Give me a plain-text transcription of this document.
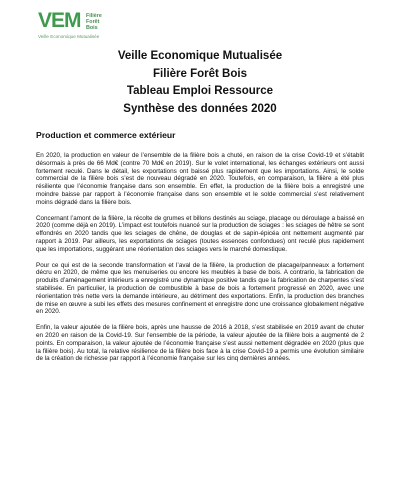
VEM Filière
Forêt
Bois
Veille Economique Mutualisée
Veille Economique Mutualisée
Filière Forêt Bois
Tableau Emploi Ressource
Synthèse des données 2020
Production et commerce extérieur

En 2020, la production en valeur de l’ensemble de la filière bois a chuté, en raison de la crise Covid-19 et s’établit désormais à près de 66 Md€ (contre 70 Md€ en 2019). Sur le volet international, les échanges extérieurs ont aussi fortement reculé. Dans le détail, les exportations ont baissé plus rapidement que les importations. Ainsi, le solde commercial de la filière bois s’est de nouveau dégradé en 2020. Toutefois, en comparaison, la filière a été plus résiliente que l’économie française dans son ensemble. En effet, la production de la filière bois a enregistré une moindre baisse par rapport à l’économie française dans son ensemble et le solde commercial s’est relativement moins dégradé dans la filière bois.

Concernant l’amont de la filière, la récolte de grumes et billons destinés au sciage, placage ou déroulage a baissé en 2020 (comme déjà en 2019). L’impact est toutefois nuancé sur la production de sciages : les sciages de hêtre se sont effondrés en 2020 tandis que les sciages de chêne, de douglas et de sapin-épicéa ont nettement augmenté par rapport à 2019. Par ailleurs, les exportations de sciages (toutes essences confondues) ont reculé plus rapidement que les importations, suggérant une réorientation des sciages vers le marché domestique.

Pour ce qui est de la seconde transformation et l’aval de la filière, la production de placage/panneaux a fortement décru en 2020, de même que les menuiseries ou encore les meubles à base de bois. A contrario, la fabrication de produits d’aménagement intérieurs a enregistré une dynamique positive tandis que la fabrication de charpentes s’est stabilisée. En particulier, la production de combustible à base de bois a fortement progressé en 2020, avec une réorientation très nette vers la demande intérieure, au détriment des exportations. Enfin, la production des branches de mise en œuvre a subi les effets des mesures confinement et enregistre donc une croissance globalement négative en 2020.

Enfin, la valeur ajoutée de la filière bois, après une hausse de 2016 à 2018, s’est stabilisée en 2019 avant de chuter en 2020 en raison de la Covid-19. Sur l’ensemble de la période, la valeur ajoutée de la filière bois a augmenté de 2 points. En comparaison, la valeur ajoutée de l’économie française s’est aussi nettement dégradée en 2020 (plus que la filière bois). Au total, la relative résilience de la filière bois face à la crise Covid-19 a permis une évolution similaire de la création de richesse par rapport à l’économie française sur les cinq dernières années.
